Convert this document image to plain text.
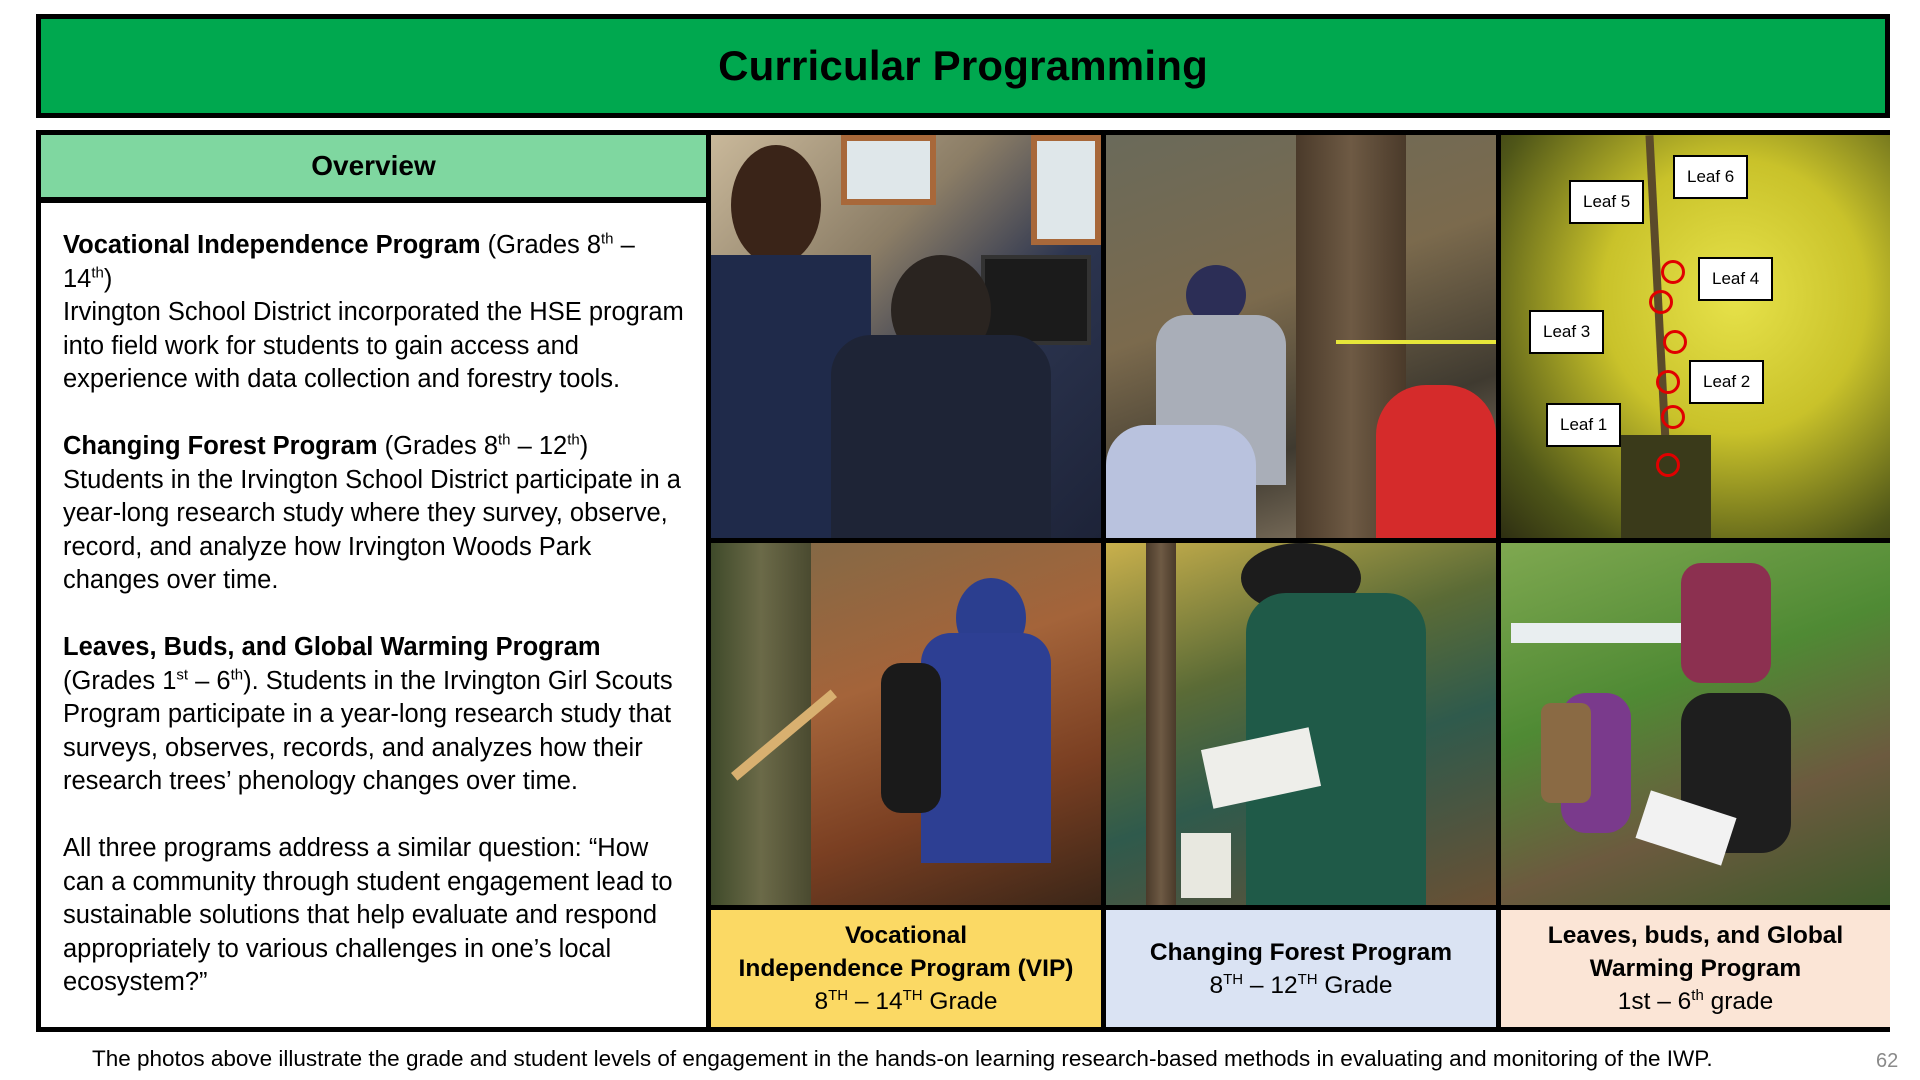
Curricular Programming
Overview
Vocational Independence Program (Grades 8th – 14th)
Irvington School District incorporated the HSE program into field work for students to gain access and experience with data collection and forestry tools.
Changing Forest Program (Grades 8th – 12th)
Students in the Irvington School District participate in a year-long research study where they survey, observe, record, and analyze how Irvington Woods Park changes over time.
Leaves, Buds, and Global Warming Program (Grades 1st – 6th). Students in the Irvington Girl Scouts Program participate in a year-long research study that surveys, observes, records, and analyzes how their research trees’ phenology changes over time.
All three programs address a similar question: “How can a community through student engagement lead to sustainable solutions that help evaluate and respond appropriately to various challenges in one’s local ecosystem?”
Leaf 1
Leaf 2
Leaf 3
Leaf 4
Leaf 5
Leaf 6
Vocational
Independence Program (VIP)
8TH – 14TH Grade
Changing Forest Program
8TH – 12TH Grade
Leaves, buds, and Global
Warming Program
1st – 6th grade
The photos above illustrate the grade and student levels of engagement in the hands-on learning research-based methods in evaluating and monitoring of the IWP.	62
